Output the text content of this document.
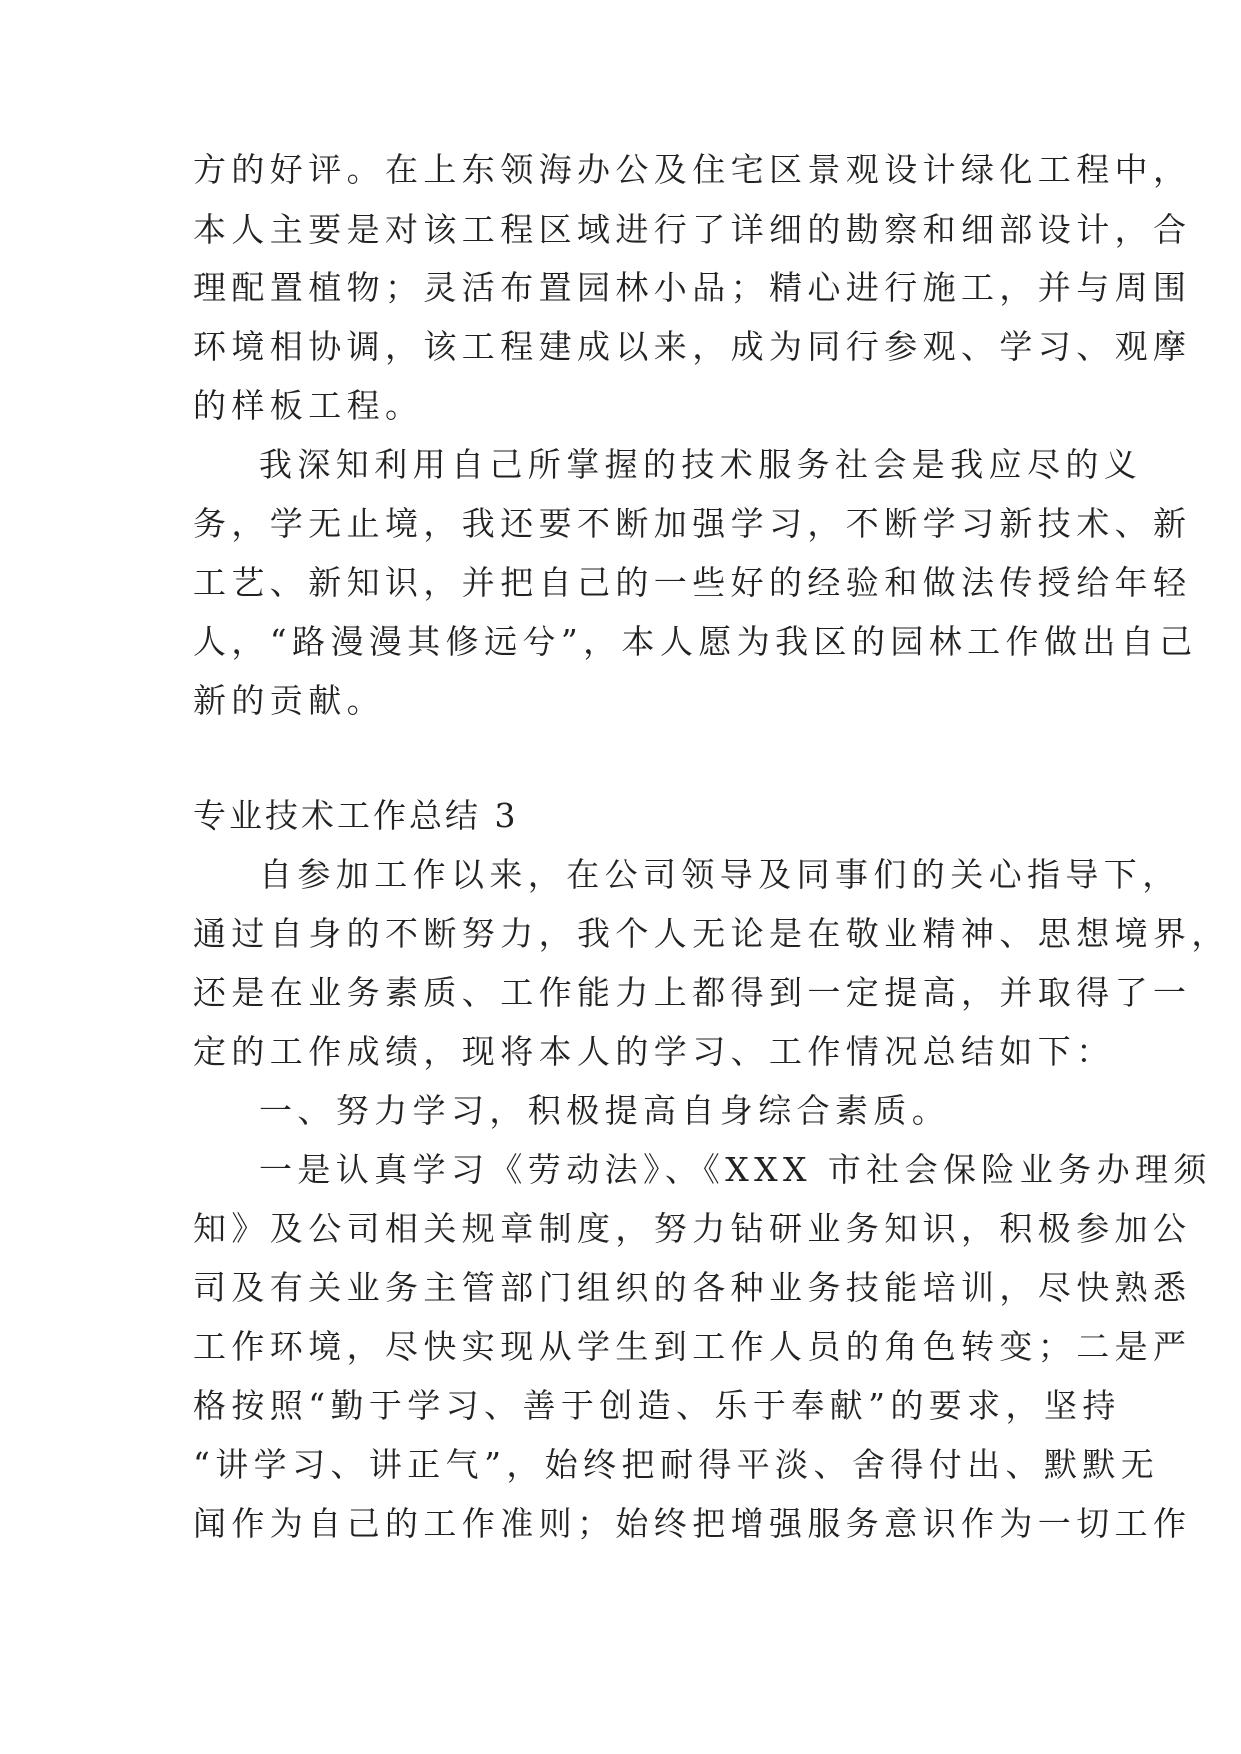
方的好评。在上东领海办公及住宅区景观设计绿化工程中，
本人主要是对该工程区域进行了详细的勘察和细部设计，合
理配置植物；灵活布置园林小品；精心进行施工，并与周围
环境相协调，该工程建成以来，成为同行参观、学习、观摩
的样板工程。
我深知利用自己所掌握的技术服务社会是我应尽的义
务，学无止境，我还要不断加强学习，不断学习新技术、新
工艺、新知识，并把自己的一些好的经验和做法传授给年轻
人，“路漫漫其修远兮”，本人愿为我区的园林工作做出自己
新的贡献。
专业技术工作总结 3
自参加工作以来，在公司领导及同事们的关心指导下，
通过自身的不断努力，我个人无论是在敬业精神、思想境界，
还是在业务素质、工作能力上都得到一定提高，并取得了一
定的工作成绩，现将本人的学习、工作情况总结如下：
一、努力学习，积极提高自身综合素质。
一是认真学习《劳动法》、《XXX 市社会保险业务办理须
知》及公司相关规章制度，努力钻研业务知识，积极参加公
司及有关业务主管部门组织的各种业务技能培训，尽快熟悉
工作环境，尽快实现从学生到工作人员的角色转变；二是严
格按照“勤于学习、善于创造、乐于奉献”的要求，坚持
“讲学习、讲正气”，始终把耐得平淡、舍得付出、默默无
闻作为自己的工作准则；始终把增强服务意识作为一切工作
